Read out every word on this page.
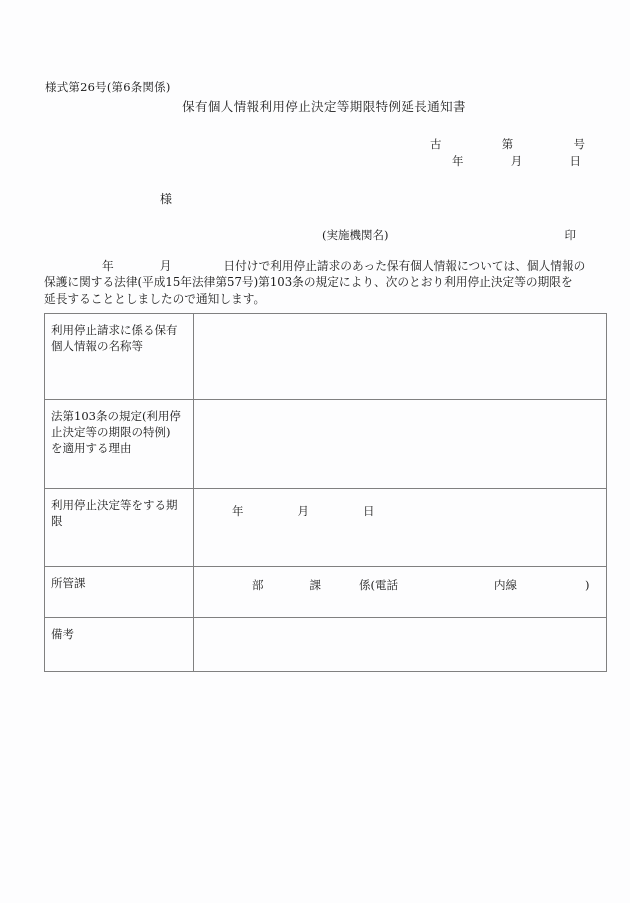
様式第26号(第6条関係)
保有個人情報利用停止決定等期限特例延長通知書
古	第	号
年	月	日
様
(実施機関名)	印
年	月	日付けで利用停止請求のあった保有個人情報については、個人情報の
保護に関する法律(平成15年法律第57号)第103条の規定により、次のとおり利用停止決定等の期限を
延長することとしましたので通知します。
利用停止請求に係る保有
個人情報の名称等	

法第103条の規定(利用停
止決定等の期限の特例)
を適用する理由	

利用停止決定等をする期
限	年 月 日

所管課	部 課 係(電話 内線 )

備考	
